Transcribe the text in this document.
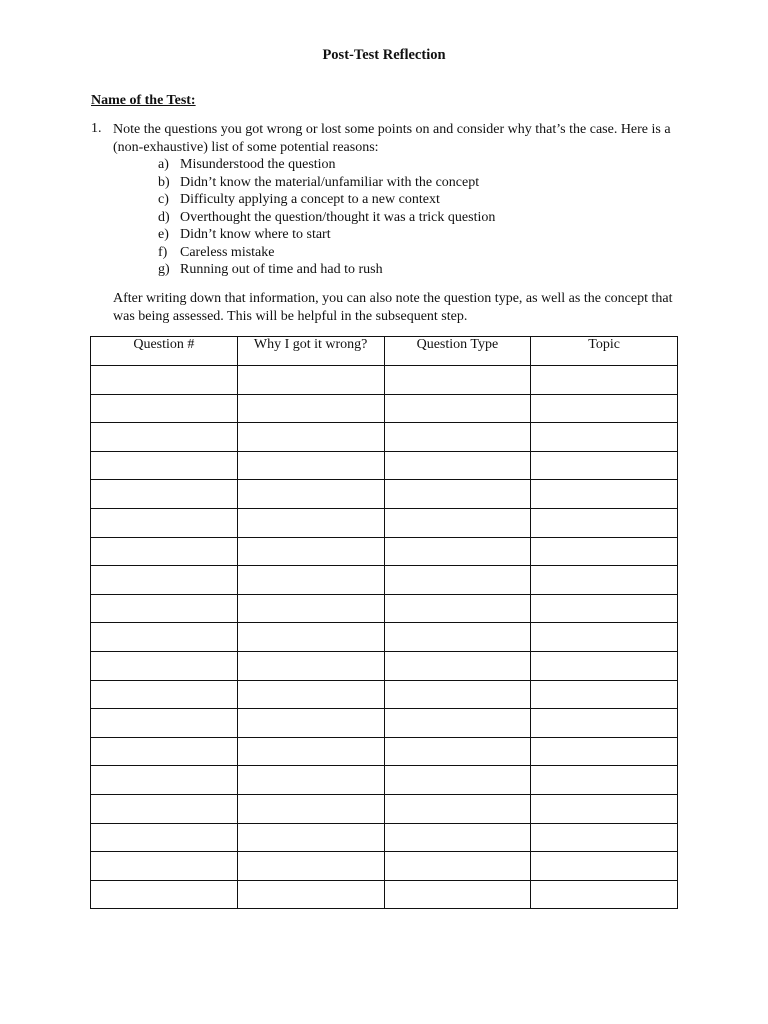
Post-Test Reflection
Name of the Test:
1. Note the questions you got wrong or lost some points on and consider why that’s the case. Here is a (non-exhaustive) list of some potential reasons:
a) Misunderstood the question
b) Didn’t know the material/unfamiliar with the concept
c) Difficulty applying a concept to a new context
d) Overthought the question/thought it was a trick question
e) Didn’t know where to start
f) Careless mistake
g) Running out of time and had to rush
After writing down that information, you can also note the question type, as well as the concept that was being assessed. This will be helpful in the subsequent step.
Question #	Why I got it wrong?	Question Type	Topic
